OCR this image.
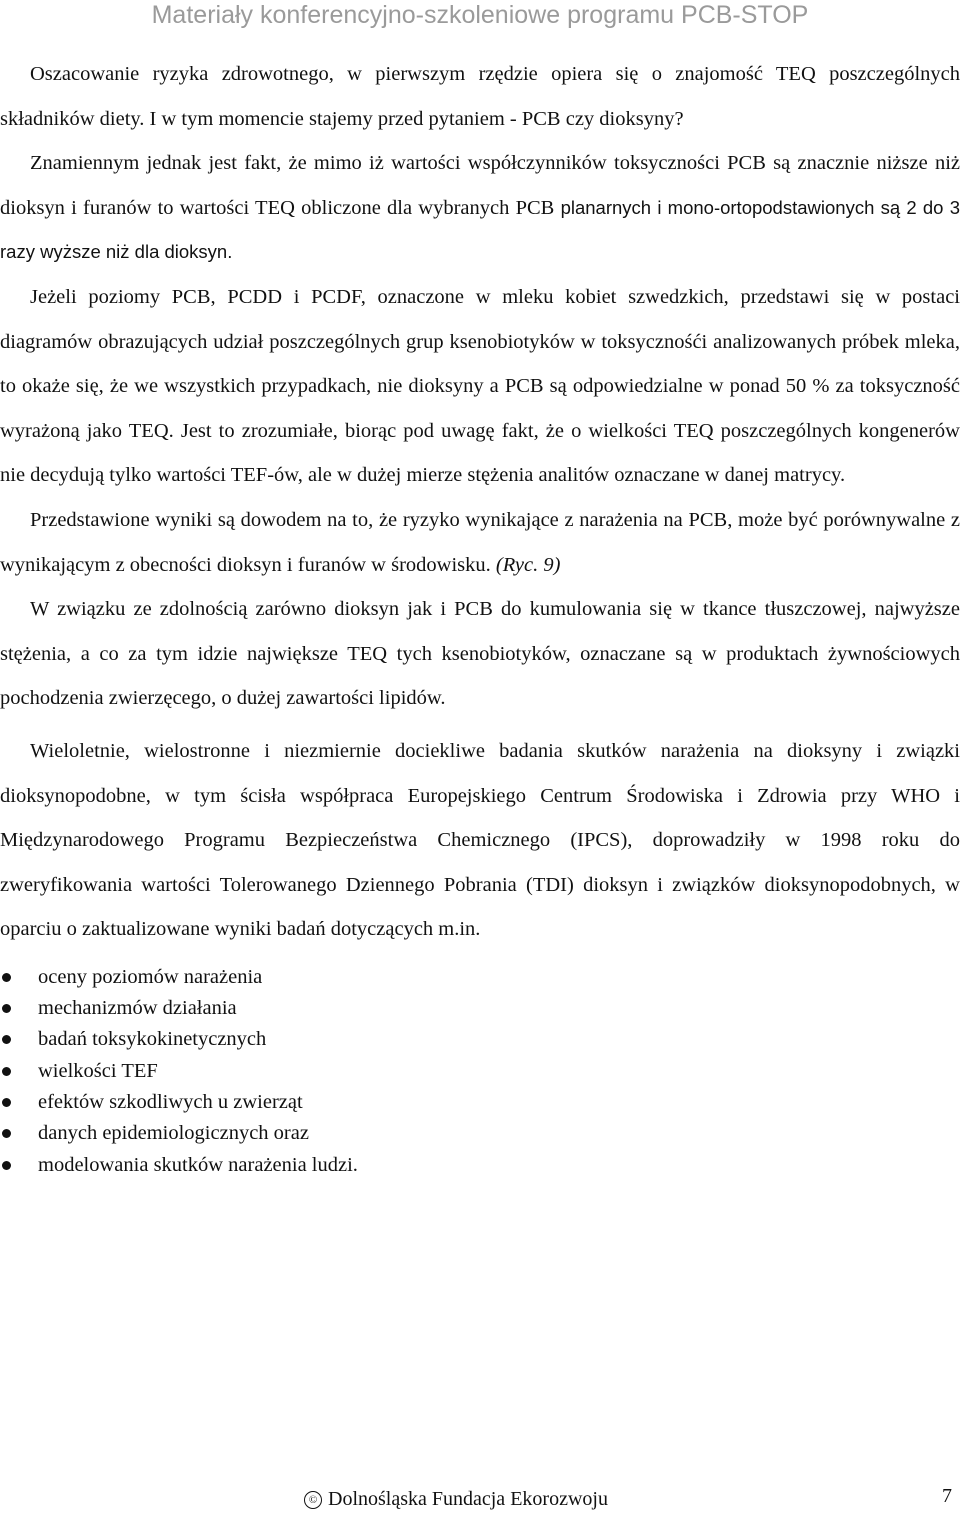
Materiały konferencyjno-szkoleniowe programu PCB-STOP

Oszacowanie ryzyka zdrowotnego, w pierwszym rzędzie opiera się o znajomość TEQ poszczególnych składników diety. I w tym momencie stajemy przed pytaniem - PCB czy dioksyny?

Znamiennym jednak jest fakt, że mimo iż wartości współczynników toksyczności PCB są znacznie niższe niż dioksyn i furanów to wartości TEQ obliczone dla wybranych PCB planarnych i mono-ortopodstawionych są 2 do 3 razy wyższe niż dla dioksyn.

Jeżeli poziomy PCB, PCDD i PCDF, oznaczone w mleku kobiet szwedzkich, przedstawi się w postaci diagramów obrazujących udział poszczególnych grup ksenobiotyków w toksycznośći analizowanych próbek mleka, to okaże się, że we wszystkich przypadkach, nie dioksyny a PCB są odpowiedzialne w ponad 50 % za toksyczność wyrażoną jako TEQ. Jest to zrozumiałe, biorąc pod uwagę fakt, że o wielkości TEQ poszczególnych kongenerów nie decydują tylko wartości TEF-ów, ale w dużej mierze stężenia analitów oznaczane w danej matrycy.

Przedstawione wyniki są dowodem na to, że ryzyko wynikające z narażenia na PCB, może być porównywalne z wynikającym z obecności dioksyn i furanów w środowisku. (Ryc. 9)

W związku ze zdolnością zarówno dioksyn jak i PCB do kumulowania się w tkance tłuszczowej, najwyższe stężenia, a co za tym idzie największe TEQ tych ksenobiotyków, oznaczane są w produktach żywnościowych pochodzenia zwierzęcego, o dużej zawartości lipidów.

Wieloletnie, wielostronne i niezmiernie dociekliwe badania skutków narażenia na dioksyny i związki dioksynopodobne, w tym ścisła współpraca Europejskiego Centrum Środowiska i Zdrowia przy WHO i Międzynarodowego Programu Bezpieczeństwa Chemicznego (IPCS), doprowadziły w 1998 roku do zweryfikowania wartości Tolerowanego Dziennego Pobrania (TDI) dioksyn i związków dioksynopodobnych, w oparciu o zaktualizowane wyniki badań dotyczących m.in.

oceny poziomów narażenia
mechanizmów działania
badań toksykokinetycznych
wielkości TEF
efektów szkodliwych u zwierząt
danych epidemiologicznych oraz
modelowania skutków narażenia ludzi.
© Dolnośląska Fundacja Ekorozwoju	7
